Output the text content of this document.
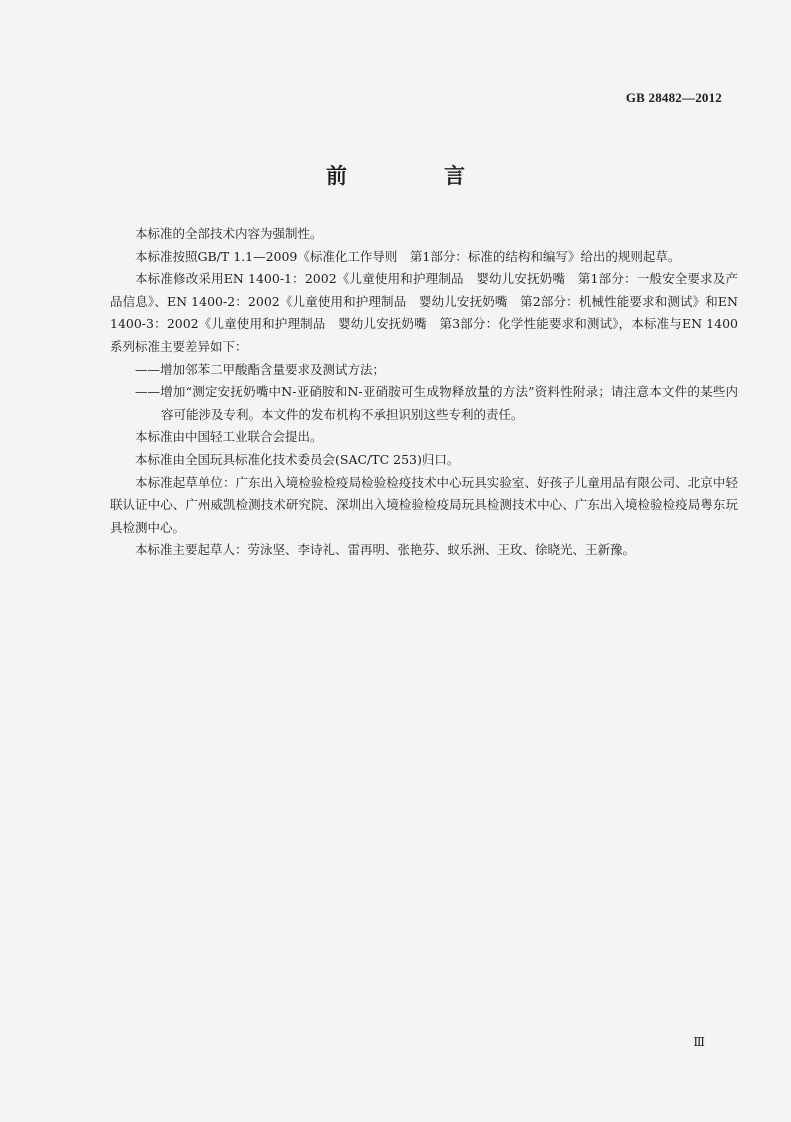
GB 28482—2012
前　言

本标准的全部技术内容为强制性。

本标准按照GB/T 1.1—2009《标准化工作导则　第1部分：标准的结构和编写》给出的规则起草。

本标准修改采用EN 1400-1：2002《儿童使用和护理制品　婴幼儿安抚奶嘴　第1部分：一般安全要求及产品信息》、EN 1400-2：2002《儿童使用和护理制品　婴幼儿安抚奶嘴　第2部分：机械性能要求和测试》和EN 1400-3：2002《儿童使用和护理制品　婴幼儿安抚奶嘴　第3部分：化学性能要求和测试》，本标准与EN 1400系列标准主要差异如下：

——增加邻苯二甲酸酯含量要求及测试方法；

——增加“测定安抚奶嘴中N-亚硝胺和N-亚硝胺可生成物释放量的方法”资料性附录；请注意本文件的某些内容可能涉及专利。本文件的发布机构不承担识别这些专利的责任。

本标准由中国轻工业联合会提出。

本标准由全国玩具标准化技术委员会(SAC/TC 253)归口。

本标准起草单位：广东出入境检验检疫局检验检疫技术中心玩具实验室、好孩子儿童用品有限公司、北京中轻联认证中心、广州威凯检测技术研究院、深圳出入境检验检疫局玩具检测技术中心、广东出入境检验检疫局粤东玩具检测中心。

本标准主要起草人：劳泳坚、李诗礼、雷再明、张艳芬、蚁乐洲、王玫、徐晓光、王新豫。

Ⅲ
